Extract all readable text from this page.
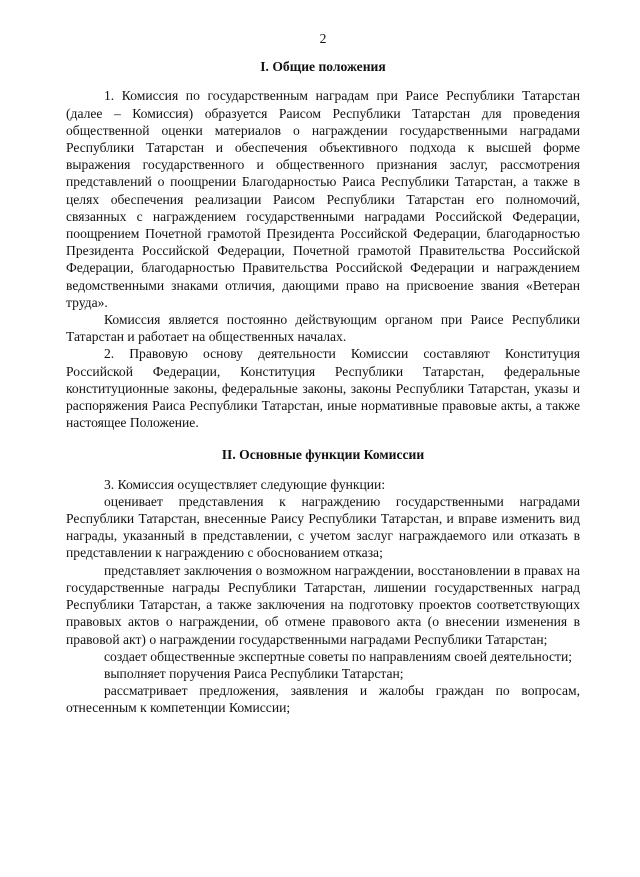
2
I. Общие положения

1. Комиссия по государственным наградам при Раисе Республики Татарстан (далее – Комиссия) образуется Раисом Республики Татарстан для проведения общественной оценки материалов о награждении государственными наградами Республики Татарстан и обеспечения объективного подхода к высшей форме выражения государственного и общественного признания заслуг, рассмотрения представлений о поощрении Благодарностью Раиса Республики Татарстан, а также в целях обеспечения реализации Раисом Республики Татарстан его полномочий, связанных с награждением государственными наградами Российской Федерации, поощрением Почетной грамотой Президента Российской Федерации, благодарностью Президента Российской Федерации, Почетной грамотой Правительства Российской Федерации, благодарностью Правительства Российской Федерации и награждением ведомственными знаками отличия, дающими право на присвоение звания «Ветеран труда».

Комиссия является постоянно действующим органом при Раисе Республики Татарстан и работает на общественных началах.

2. Правовую основу деятельности Комиссии составляют Конституция Российской Федерации, Конституция Республики Татарстан, федеральные конституционные законы, федеральные законы, законы Республики Татарстан, указы и распоряжения Раиса Республики Татарстан, иные нормативные правовые акты, а также настоящее Положение.

II. Основные функции Комиссии

3. Комиссия осуществляет следующие функции:

оценивает представления к награждению государственными наградами Республики Татарстан, внесенные Раису Республики Татарстан, и вправе изменить вид награды, указанный в представлении, с учетом заслуг награждаемого или отказать в представлении к награждению с обоснованием отказа;

представляет заключения о возможном награждении, восстановлении в правах на государственные награды Республики Татарстан, лишении государственных наград Республики Татарстан, а также заключения на подготовку проектов соответствующих правовых актов о награждении, об отмене правового акта (о внесении изменения в правовой акт) о награждении государственными наградами Республики Татарстан;

создает общественные экспертные советы по направлениям своей деятельности;

выполняет поручения Раиса Республики Татарстан;

рассматривает предложения, заявления и жалобы граждан по вопросам, отнесенным к компетенции Комиссии;
